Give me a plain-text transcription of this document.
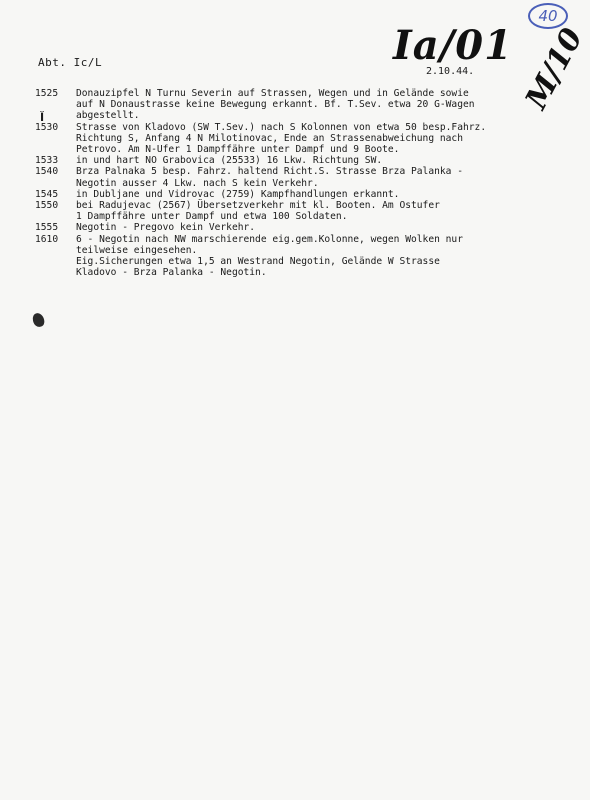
40
Abt. Ic/L	Ia/01 M/10
2.10.44.
Ĭ
1525	Donauzipfel N Turnu Severin auf Strassen, Wegen und in Gelände sowie
auf N Donaustrasse keine Bewegung erkannt. Bf. T.Sev. etwa 20 G-Wagen
abgestellt.
1530	Strasse von Kladovo (SW T.Sev.) nach S Kolonnen von etwa 50 besp.Fahrz.
Richtung S, Anfang 4 N Milotinovac, Ende an Strassenabweichung nach
Petrovo. Am N-Ufer 1 Dampffähre unter Dampf und 9 Boote.
1533	in und hart NO Grabovica (25533) 16 Lkw. Richtung SW.
1540	Brza Palnaka 5 besp. Fahrz. haltend Richt.S. Strasse Brza Palanka -
Negotin ausser 4 Lkw. nach S kein Verkehr.
1545	in Dubljane und Vidrovac (2759) Kampfhandlungen erkannt.
1550	bei Radujevac (2567) Übersetzverkehr mit kl. Booten. Am Ostufer
1 Dampffähre unter Dampf und etwa 100 Soldaten.
1555	Negotin - Pregovo kein Verkehr.
1610	6 - Negotin nach NW marschierende eig.gem.Kolonne, wegen Wolken nur
teilweise eingesehen.
Eig.Sicherungen etwa 1,5 an Westrand Negotin, Gelände W Strasse
Kladovo - Brza Palanka - Negotin.
